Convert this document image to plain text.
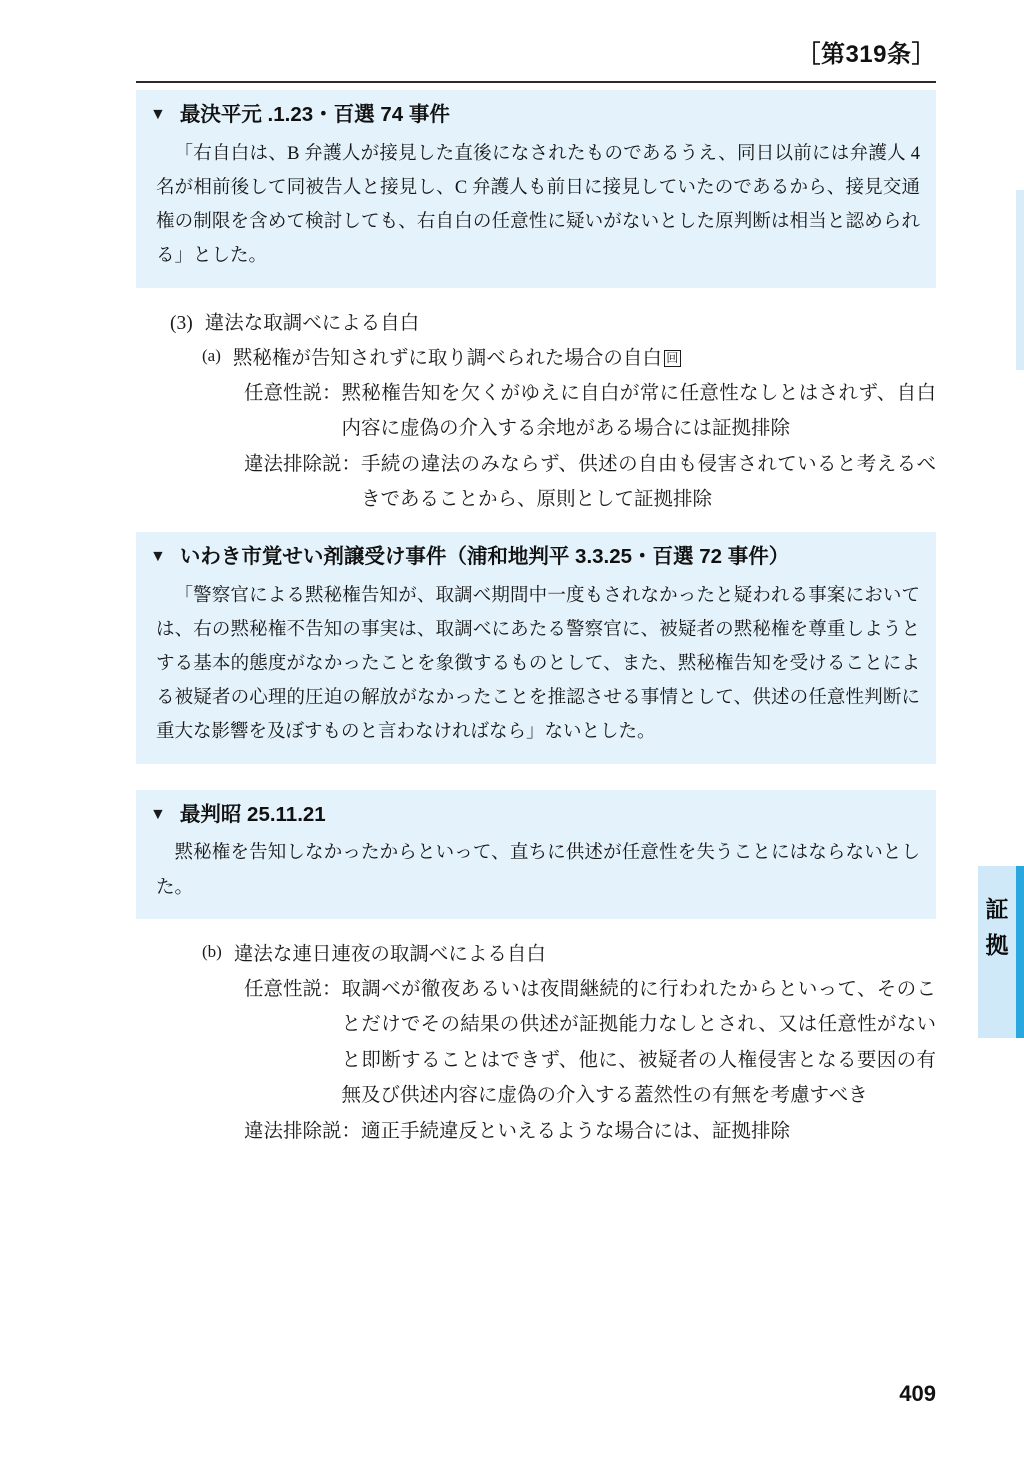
［第319条］
▼ 最決平元 .1.23・百選 74 事件
「右自白は、B 弁護人が接見した直後になされたものであるうえ、同日以前には弁護人 4 名が相前後して同被告人と接見し、C 弁護人も前日に接見していたのであるから、接見交通権の制限を含めて検討しても、右自白の任意性に疑いがないとした原判断は相当と認められる」とした。
(3) 違法な取調べによる自白
(a) 黙秘権が告知されずに取り調べられた場合の自白 回
任意性説： 黙秘権告知を欠くがゆえに自白が常に任意性なしとはされず、自白内容に虚偽の介入する余地がある場合には証拠排除
違法排除説： 手続の違法のみならず、供述の自由も侵害されていると考えるべきであることから、原則として証拠排除
▼ いわき市覚せい剤譲受け事件（浦和地判平 3.3.25・百選 72 事件）
「警察官による黙秘権告知が、取調べ期間中一度もされなかったと疑われる事案においては、右の黙秘権不告知の事実は、取調べにあたる警察官に、被疑者の黙秘権を尊重しようとする基本的態度がなかったことを象徴するものとして、また、黙秘権告知を受けることによる被疑者の心理的圧迫の解放がなかったことを推認させる事情として、供述の任意性判断に重大な影響を及ぼすものと言わなければなら」ないとした。
▼ 最判昭 25.11.21
黙秘権を告知しなかったからといって、直ちに供述が任意性を失うことにはならないとした。
(b) 違法な連日連夜の取調べによる自白
任意性説： 取調べが徹夜あるいは夜間継続的に行われたからといって、そのことだけでその結果の供述が証拠能力なしとされ、又は任意性がないと即断することはできず、他に、被疑者の人権侵害となる要因の有無及び供述内容に虚偽の介入する蓋然性の有無を考慮すべき
違法排除説： 適正手続違反といえるような場合には、証拠排除
証
拠
409
